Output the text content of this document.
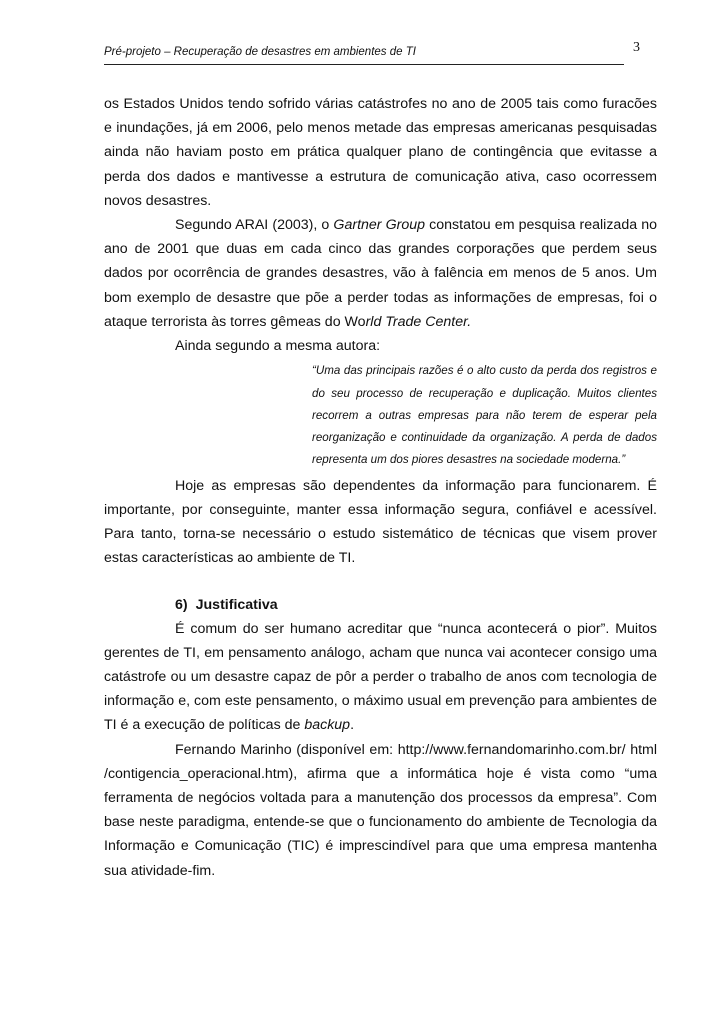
Pré-projeto – Recuperação de desastres em ambientes de TI	3

os Estados Unidos tendo sofrido várias catástrofes no ano de 2005 tais como furacões e inundações, já em 2006, pelo menos metade das empresas americanas pesquisadas ainda não haviam posto em prática qualquer plano de contingência que evitasse a perda dos dados e mantivesse a estrutura de comunicação ativa, caso ocorressem novos desastres.

Segundo ARAI (2003), o Gartner Group constatou em pesquisa realizada no ano de 2001 que duas em cada cinco das grandes corporações que perdem seus dados por ocorrência de grandes desastres, vão à falência em menos de 5 anos. Um bom exemplo de desastre que põe a perder todas as informações de empresas, foi o ataque terrorista às torres gêmeas do World Trade Center.

Ainda segundo a mesma autora:

“Uma das principais razões é o alto custo da perda dos registros e do seu processo de recuperação e duplicação. Muitos clientes recorrem a outras empresas para não terem de esperar pela reorganização e continuidade da organização. A perda de dados representa um dos piores desastres na sociedade moderna.”

Hoje as empresas são dependentes da informação para funcionarem. É importante, por conseguinte, manter essa informação segura, confiável e acessível. Para tanto, torna-se necessário o estudo sistemático de técnicas que visem prover estas características ao ambiente de TI.

6) Justificativa

É comum do ser humano acreditar que “nunca acontecerá o pior”. Muitos gerentes de TI, em pensamento análogo, acham que nunca vai acontecer consigo uma catástrofe ou um desastre capaz de pôr a perder o trabalho de anos com tecnologia de informação e, com este pensamento, o máximo usual em prevenção para ambientes de TI é a execução de políticas de backup.

Fernando Marinho (disponível em: http://www.fernandomarinho.com.br/ html /contigencia_operacional.htm), afirma que a informática hoje é vista como “uma ferramenta de negócios voltada para a manutenção dos processos da empresa”. Com base neste paradigma, entende-se que o funcionamento do ambiente de Tecnologia da Informação e Comunicação (TIC) é imprescindível para que uma empresa mantenha sua atividade-fim.
